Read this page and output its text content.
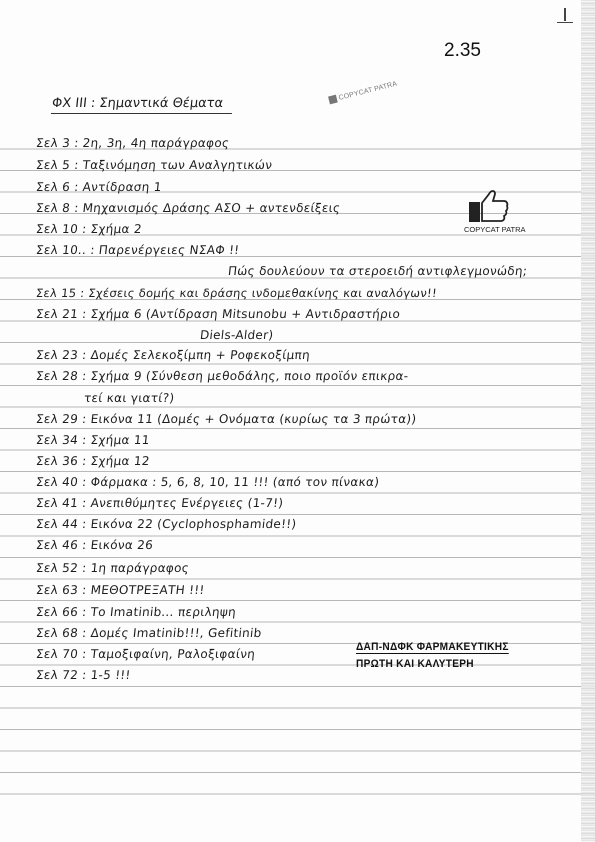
2.35
COPYCAT PATRA
COPYCAT PATRA
ΦΧ ΙΙΙ : Σημαντικά Θέματα
Σελ 3 : 2η, 3η, 4η παράγραφος
Σελ 5 : Ταξινόμηση των Αναλγητικών
Σελ 6 : Αντίδραση 1
Σελ 8 : Μηχανισμός Δράσης ΑΣΟ + αντενδείξεις
Σελ 10 : Σχήμα 2
Σελ 10.. : Παρενέργειες ΝΣΑΦ !!
Πώς δουλεύουν τα στεροειδή αντιφλεγμονώδη;
Σελ 15 : Σχέσεις δομής και δράσης ινδομεθακίνης και αναλόγων!!
Σελ 21 : Σχήμα 6 (Αντίδραση Mitsunobu + Αντιδραστήριο
Diels-Alder)
Σελ 23 : Δομές Σελεκοξίμπη + Ροφεκοξίμπη
Σελ 28 : Σχήμα 9 (Σύνθεση μεθοδάλης, ποιο προϊόν επικρα-
τεί και γιατί?)
Σελ 29 : Εικόνα 11 (Δομές + Ονόματα (κυρίως τα 3 πρώτα))
Σελ 34 : Σχήμα 11
Σελ 36 : Σχήμα 12
Σελ 40 : Φάρμακα : 5, 6, 8, 10, 11 !!! (από τον πίνακα)
Σελ 41 : Ανεπιθύμητες Ενέργειες (1-7!)
Σελ 44 : Εικόνα 22 (Cyclophosphamide!!)
Σελ 46 : Εικόνα 26
Σελ 52 : 1η παράγραφος
Σελ 63 : ΜΕΘΟΤΡΕΞΑΤΗ !!!
Σελ 66 : Το Imatinib... περιληψη
Σελ 68 : Δομές Imatinib!!!, Gefitinib
Σελ 70 : Ταμοξιφαίνη, Ραλοξιφαίνη
Σελ 72 : 1-5 !!!
ΔΑΠ-ΝΔΦΚ ΦΑΡΜΑΚΕΥΤΙΚΗΣ
ΠΡΩΤΗ ΚΑΙ ΚΑΛΥΤΕΡΗ
